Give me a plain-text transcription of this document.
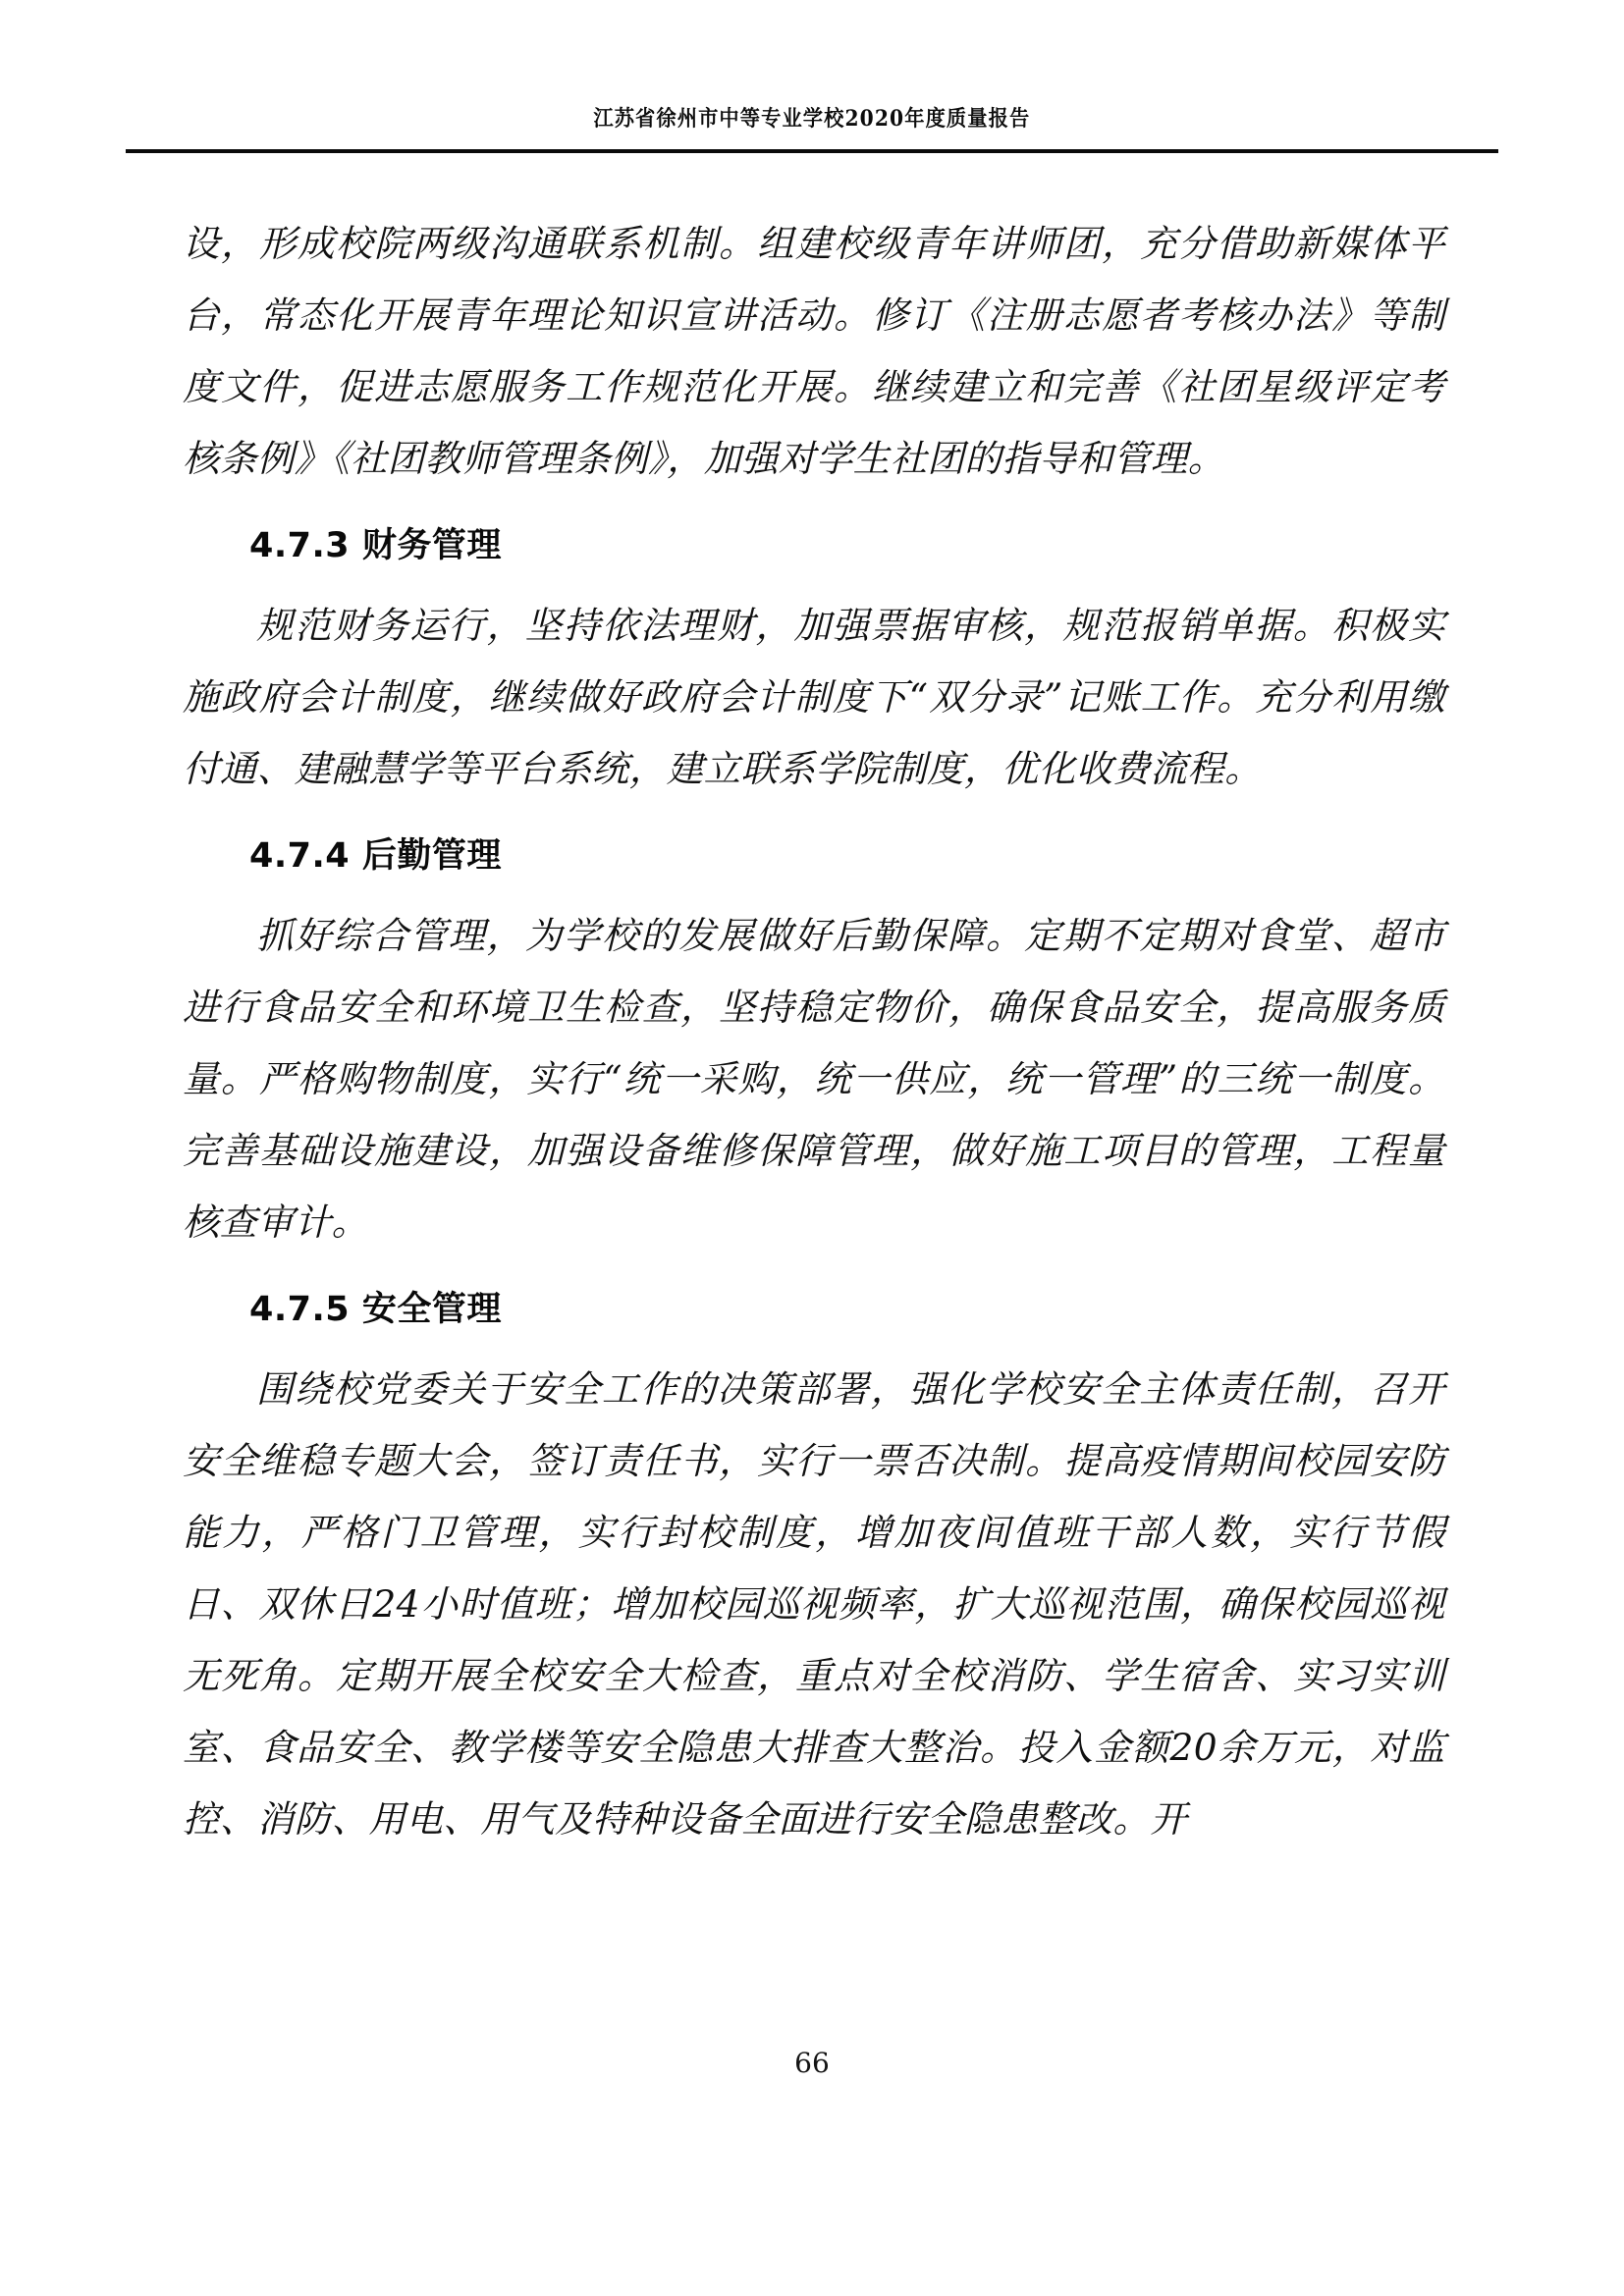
江苏省徐州市中等专业学校2020年度质量报告

设，形成校院两级沟通联系机制。组建校级青年讲师团，充分借助新媒体平台，常态化开展青年理论知识宣讲活动。修订《注册志愿者考核办法》等制度文件，促进志愿服务工作规范化开展。继续建立和完善《社团星级评定考核条例》《社团教师管理条例》，加强对学生社团的指导和管理。

4.7.3 财务管理

规范财务运行，坚持依法理财，加强票据审核，规范报销单据。积极实施政府会计制度，继续做好政府会计制度下“双分录”记账工作。充分利用缴付通、建融慧学等平台系统，建立联系学院制度，优化收费流程。

4.7.4 后勤管理

抓好综合管理，为学校的发展做好后勤保障。定期不定期对食堂、超市进行食品安全和环境卫生检查，坚持稳定物价，确保食品安全，提高服务质量。严格购物制度，实行“统一采购，统一供应，统一管理”的三统一制度。完善基础设施建设，加强设备维修保障管理，做好施工项目的管理，工程量核查审计。

4.7.5 安全管理

围绕校党委关于安全工作的决策部署，强化学校安全主体责任制，召开安全维稳专题大会，签订责任书，实行一票否决制。提高疫情期间校园安防能力，严格门卫管理，实行封校制度，增加夜间值班干部人数，实行节假日、双休日24小时值班；增加校园巡视频率，扩大巡视范围，确保校园巡视无死角。定期开展全校安全大检查，重点对全校消防、学生宿舍、实习实训室、食品安全、教学楼等安全隐患大排查大整治。投入金额20余万元，对监控、消防、用电、用气及特种设备全面进行安全隐患整改。开

66
